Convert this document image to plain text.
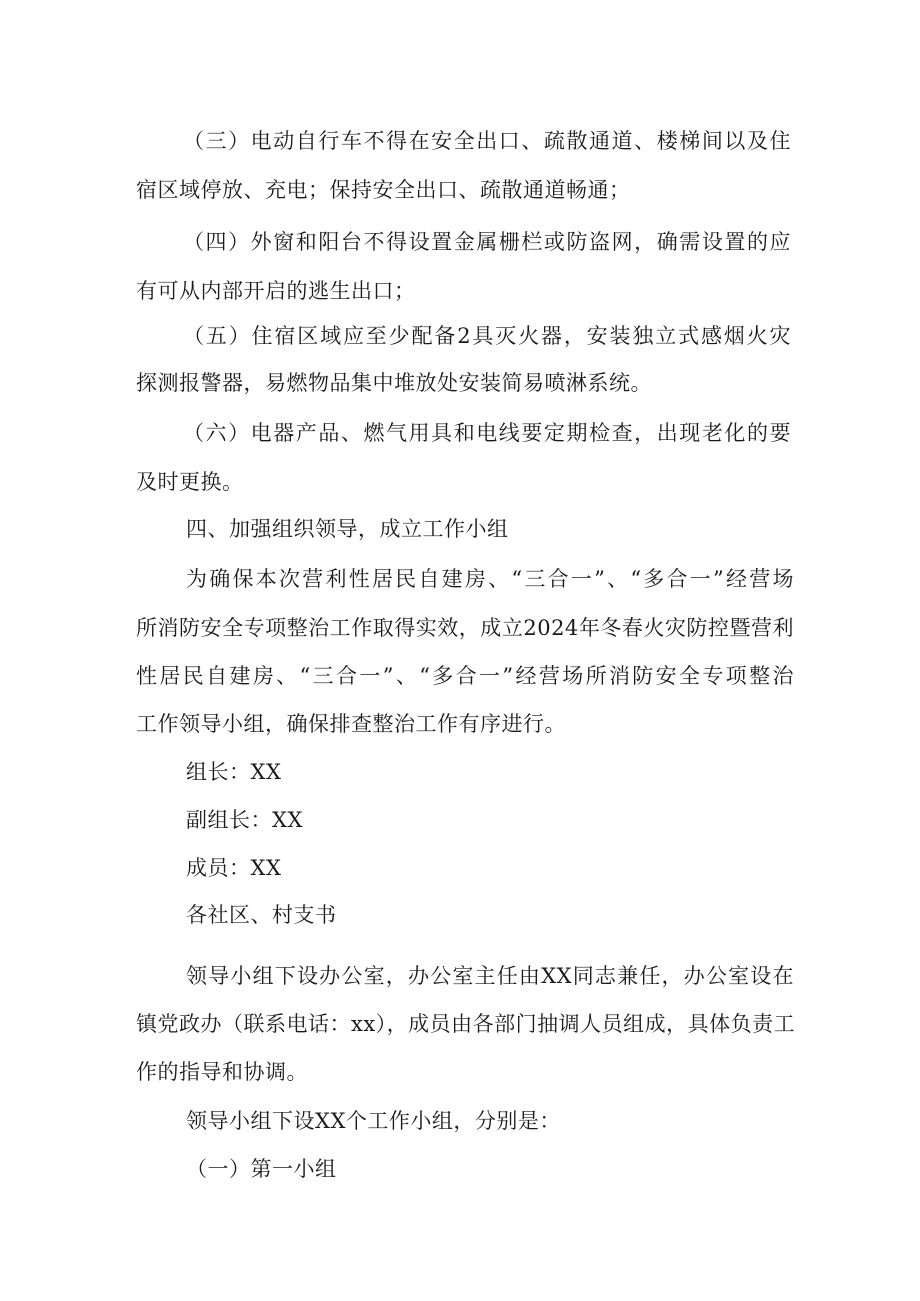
（三）电动自行车不得在安全出口、疏散通道、楼梯间以及住
宿区域停放、充电；保持安全出口、疏散通道畅通；
（四）外窗和阳台不得设置金属栅栏或防盗网，确需设置的应
有可从内部开启的逃生出口；
（五）住宿区域应至少配备2具灭火器，安装独立式感烟火灾
探测报警器，易燃物品集中堆放处安装简易喷淋系统。
（六）电器产品、燃气用具和电线要定期检查，出现老化的要
及时更换。
四、加强组织领导，成立工作小组
为确保本次营利性居民自建房、“三合一”、“多合一”经营场
所消防安全专项整治工作取得实效，成立2024年冬春火灾防控暨营利
性居民自建房、“三合一”、“多合一”经营场所消防安全专项整治
工作领导小组，确保排查整治工作有序进行。
组长：XX
副组长：XX
成员：XX
各社区、村支书
领导小组下设办公室，办公室主任由XX同志兼任，办公室设在
镇党政办（联系电话：xx），成员由各部门抽调人员组成，具体负责工
作的指导和协调。
领导小组下设XX个工作小组，分别是：
（一）第一小组
